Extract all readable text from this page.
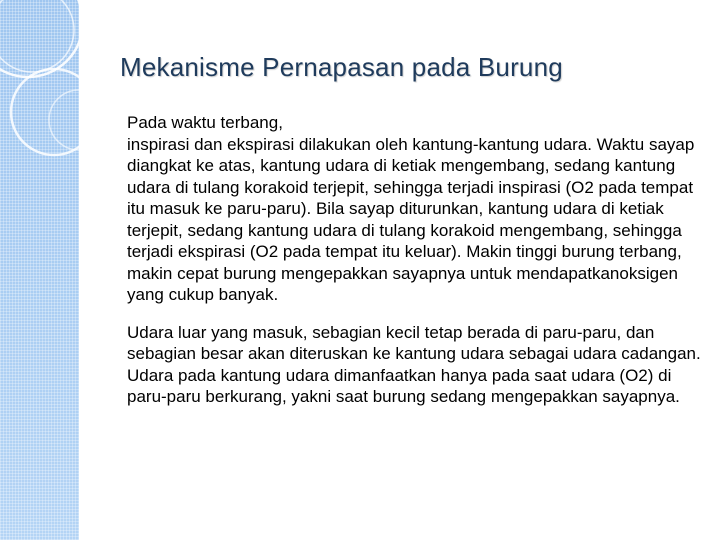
Mekanisme Pernapasan pada Burung

Pada waktu terbang,
inspirasi dan ekspirasi dilakukan oleh kantung-kantung udara. Waktu sayap diangkat ke atas, kantung udara di ketiak mengembang, sedang kantung udara di tulang korakoid terjepit, sehingga terjadi inspirasi (O2 pada tempat itu masuk ke paru-paru). Bila sayap diturunkan, kantung udara di ketiak terjepit, sedang kantung udara di tulang korakoid mengembang, sehingga terjadi ekspirasi (O2 pada tempat itu keluar). Makin tinggi burung terbang, makin cepat burung mengepakkan sayapnya untuk mendapatkanoksigen yang cukup banyak.

Udara luar yang masuk, sebagian kecil tetap berada di paru-paru, dan sebagian besar akan diteruskan ke kantung udara sebagai udara cadangan. Udara pada kantung udara dimanfaatkan hanya pada saat udara (O2) di paru-paru berkurang, yakni saat burung sedang mengepakkan sayapnya.
